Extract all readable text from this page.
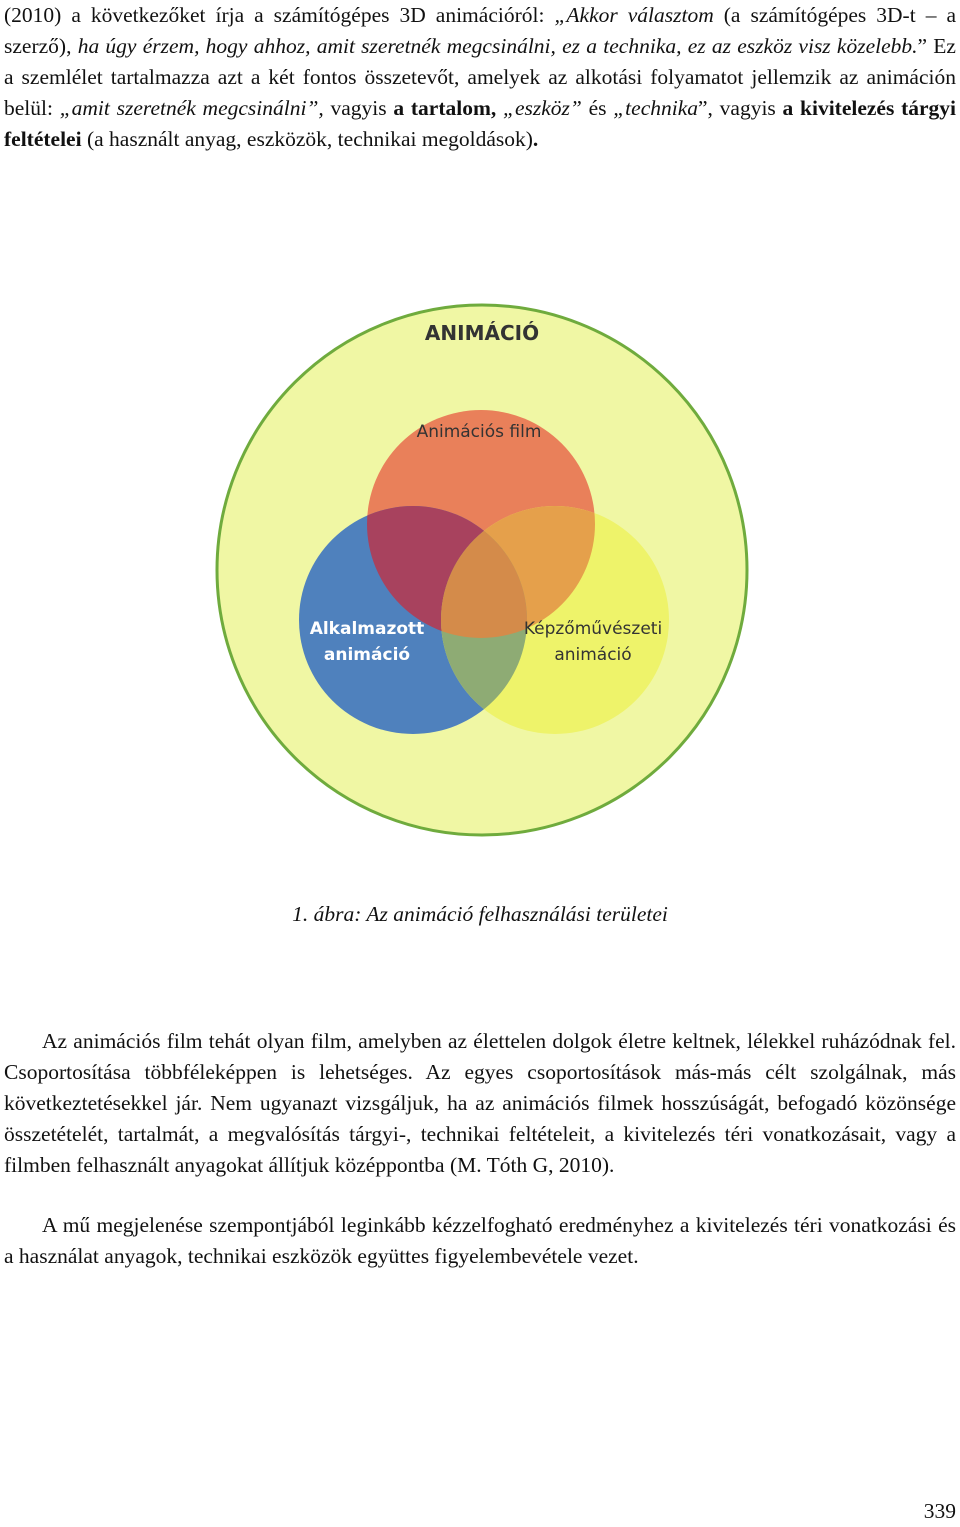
(2010) a következőket írja a számítógépes 3D animációról: „Akkor választom (a számítógépes 3D-t – a szerző), ha úgy érzem, hogy ahhoz, amit szeretnék megcsinálni, ez a technika, ez az eszköz visz közelebb.” Ez a szemlélet tartalmazza azt a két fontos összetevőt, amelyek az alkotási folyamatot jellemzik az animáción belül: „amit szeretnék megcsinálni”, vagyis a tartalom, „eszköz” és „technika”, vagyis a kivitelezés tárgyi feltételei (a használt anyag, eszközök, technikai megoldások).

ANIMÁCIÓ
Animációs film
Alkalmazott
animáció
Képzőművészeti
animáció

1. ábra: Az animáció felhasználási területei

Az animációs film tehát olyan film, amelyben az élettelen dolgok életre keltnek, lélekkel ruházódnak fel. Csoportosítása többféleképpen is lehetséges. Az egyes csoportosítások más-más célt szolgálnak, más következtetésekkel jár. Nem ugyanazt vizsgáljuk, ha az animációs filmek hosszúságát, befogadó közönsége összetételét, tartalmát, a megvalósítás tárgyi-, technikai feltételeit, a kivitelezés téri vonatkozásait, vagy a filmben felhasznált anyagokat állítjuk középpontba (M. Tóth G, 2010).

A mű megjelenése szempontjából leginkább kézzelfogható eredményhez a kivitelezés téri vonatkozási és a használat anyagok, technikai eszközök együttes figyelembevétele vezet.

339
